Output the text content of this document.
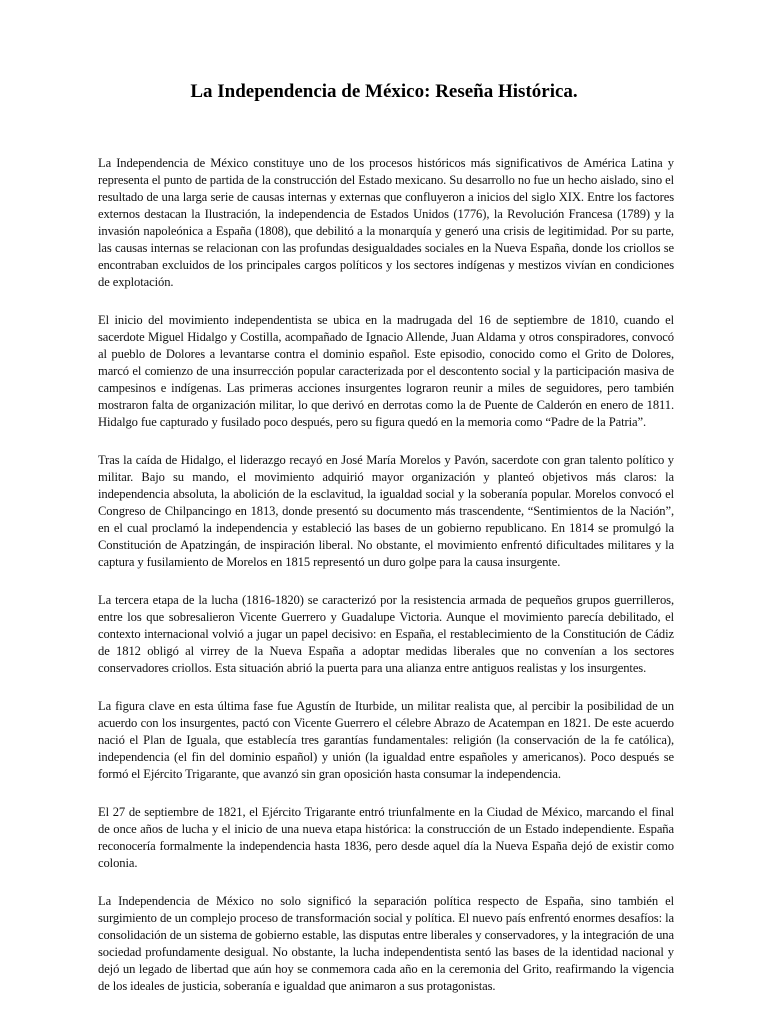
La Independencia de México: Reseña Histórica.

La Independencia de México constituye uno de los procesos históricos más significativos de América Latina y representa el punto de partida de la construcción del Estado mexicano. Su desarrollo no fue un hecho aislado, sino el resultado de una larga serie de causas internas y externas que confluyeron a inicios del siglo XIX. Entre los factores externos destacan la Ilustración, la independencia de Estados Unidos (1776), la Revolución Francesa (1789) y la invasión napoleónica a España (1808), que debilitó a la monarquía y generó una crisis de legitimidad. Por su parte, las causas internas se relacionan con las profundas desigualdades sociales en la Nueva España, donde los criollos se encontraban excluidos de los principales cargos políticos y los sectores indígenas y mestizos vivían en condiciones de explotación.

El inicio del movimiento independentista se ubica en la madrugada del 16 de septiembre de 1810, cuando el sacerdote Miguel Hidalgo y Costilla, acompañado de Ignacio Allende, Juan Aldama y otros conspiradores, convocó al pueblo de Dolores a levantarse contra el dominio español. Este episodio, conocido como el Grito de Dolores, marcó el comienzo de una insurrección popular caracterizada por el descontento social y la participación masiva de campesinos e indígenas. Las primeras acciones insurgentes lograron reunir a miles de seguidores, pero también mostraron falta de organización militar, lo que derivó en derrotas como la de Puente de Calderón en enero de 1811. Hidalgo fue capturado y fusilado poco después, pero su figura quedó en la memoria como “Padre de la Patria”.

Tras la caída de Hidalgo, el liderazgo recayó en José María Morelos y Pavón, sacerdote con gran talento político y militar. Bajo su mando, el movimiento adquirió mayor organización y planteó objetivos más claros: la independencia absoluta, la abolición de la esclavitud, la igualdad social y la soberanía popular. Morelos convocó el Congreso de Chilpancingo en 1813, donde presentó su documento más trascendente, “Sentimientos de la Nación”, en el cual proclamó la independencia y estableció las bases de un gobierno republicano. En 1814 se promulgó la Constitución de Apatzingán, de inspiración liberal. No obstante, el movimiento enfrentó dificultades militares y la captura y fusilamiento de Morelos en 1815 representó un duro golpe para la causa insurgente.

La tercera etapa de la lucha (1816-1820) se caracterizó por la resistencia armada de pequeños grupos guerrilleros, entre los que sobresalieron Vicente Guerrero y Guadalupe Victoria. Aunque el movimiento parecía debilitado, el contexto internacional volvió a jugar un papel decisivo: en España, el restablecimiento de la Constitución de Cádiz de 1812 obligó al virrey de la Nueva España a adoptar medidas liberales que no convenían a los sectores conservadores criollos. Esta situación abrió la puerta para una alianza entre antiguos realistas y los insurgentes.

La figura clave en esta última fase fue Agustín de Iturbide, un militar realista que, al percibir la posibilidad de un acuerdo con los insurgentes, pactó con Vicente Guerrero el célebre Abrazo de Acatempan en 1821. De este acuerdo nació el Plan de Iguala, que establecía tres garantías fundamentales: religión (la conservación de la fe católica), independencia (el fin del dominio español) y unión (la igualdad entre españoles y americanos). Poco después se formó el Ejército Trigarante, que avanzó sin gran oposición hasta consumar la independencia.

El 27 de septiembre de 1821, el Ejército Trigarante entró triunfalmente en la Ciudad de México, marcando el final de once años de lucha y el inicio de una nueva etapa histórica: la construcción de un Estado independiente. España reconocería formalmente la independencia hasta 1836, pero desde aquel día la Nueva España dejó de existir como colonia.

La Independencia de México no solo significó la separación política respecto de España, sino también el surgimiento de un complejo proceso de transformación social y política. El nuevo país enfrentó enormes desafíos: la consolidación de un sistema de gobierno estable, las disputas entre liberales y conservadores, y la integración de una sociedad profundamente desigual. No obstante, la lucha independentista sentó las bases de la identidad nacional y dejó un legado de libertad que aún hoy se conmemora cada año en la ceremonia del Grito, reafirmando la vigencia de los ideales de justicia, soberanía e igualdad que animaron a sus protagonistas.
